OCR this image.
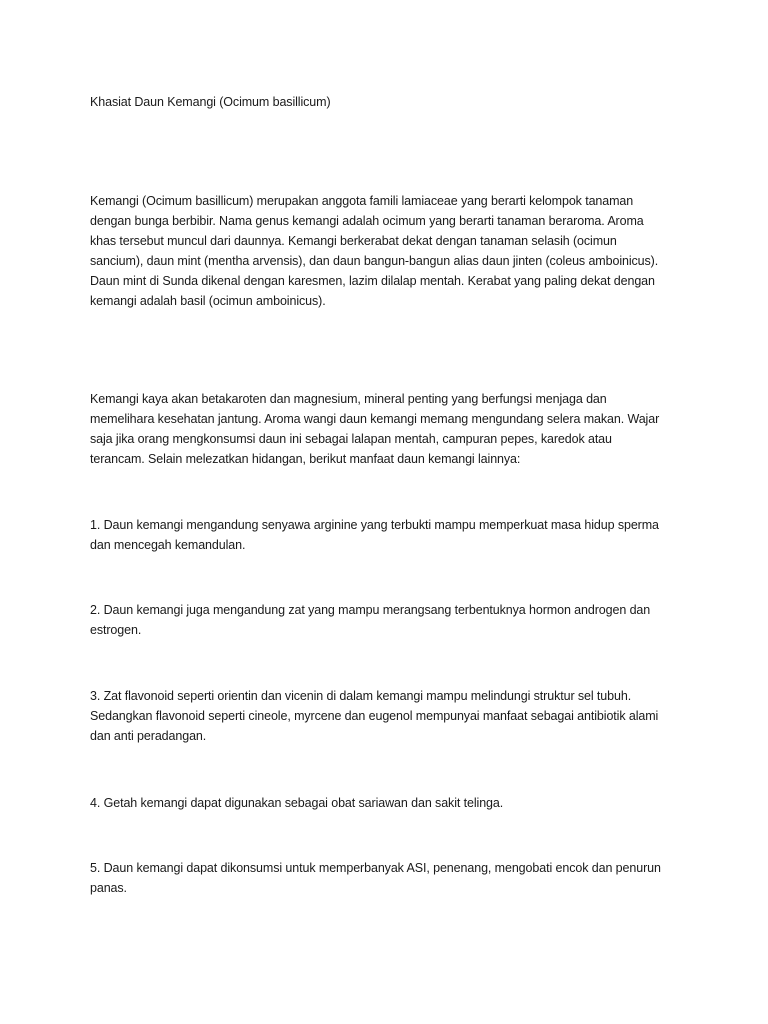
Khasiat Daun Kemangi (Ocimum basillicum)

Kemangi (Ocimum basillicum) merupakan anggota famili lamiaceae yang berarti kelompok tanaman
dengan bunga berbibir. Nama genus kemangi adalah ocimum yang berarti tanaman beraroma. Aroma
khas tersebut muncul dari daunnya. Kemangi berkerabat dekat dengan tanaman selasih (ocimun
sancium), daun mint (mentha arvensis), dan daun bangun-bangun alias daun jinten (coleus amboinicus).
Daun mint di Sunda dikenal dengan karesmen, lazim dilalap mentah. Kerabat yang paling dekat dengan
kemangi adalah basil (ocimun amboinicus).

Kemangi kaya akan betakaroten dan magnesium, mineral penting yang berfungsi menjaga dan
memelihara kesehatan jantung. Aroma wangi daun kemangi memang mengundang selera makan. Wajar
saja jika orang mengkonsumsi daun ini sebagai lalapan mentah, campuran pepes, karedok atau
terancam. Selain melezatkan hidangan, berikut manfaat daun kemangi lainnya:

1. Daun kemangi mengandung senyawa arginine yang terbukti mampu memperkuat masa hidup sperma
dan mencegah kemandulan.

2. Daun kemangi juga mengandung zat yang mampu merangsang terbentuknya hormon androgen dan
estrogen.

3. Zat flavonoid seperti orientin dan vicenin di dalam kemangi mampu melindungi struktur sel tubuh.
Sedangkan flavonoid seperti cineole, myrcene dan eugenol mempunyai manfaat sebagai antibiotik alami
dan anti peradangan.

4. Getah kemangi dapat digunakan sebagai obat sariawan dan sakit telinga.

5. Daun kemangi dapat dikonsumsi untuk memperbanyak ASI, penenang, mengobati encok dan penurun
panas.
